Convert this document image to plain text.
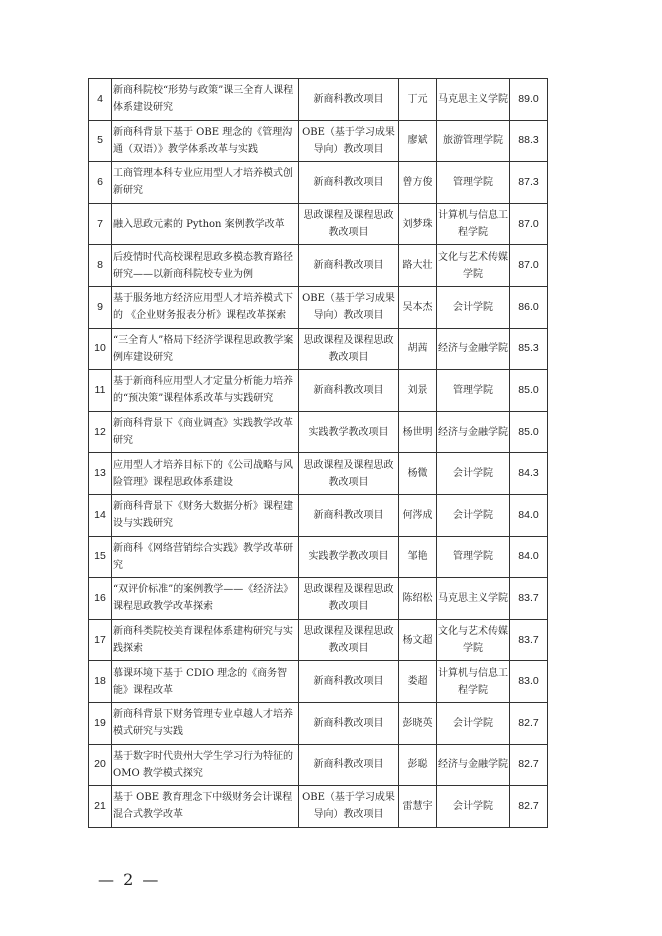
4	新商科院校“形势与政策”课三全育人课程体系建设研究	新商科教改项目	丁元	马克思主义学院	89.0
5	新商科背景下基于 OBE 理念的《管理沟通（双语）》教学体系改革与实践	OBE（基于学习成果导向）教改项目	廖斌	旅游管理学院	88.3
6	工商管理本科专业应用型人才培养模式创新研究	新商科教改项目	曾方俊	管理学院	87.3
7	融入思政元素的 Python 案例教学改革	思政课程及课程思政教改项目	刘梦珠	计算机与信息工程学院	87.0
8	后疫情时代高校课程思政多模态教育路径研究——以新商科院校专业为例	新商科教改项目	路大壮	文化与艺术传媒学院	87.0
9	基于服务地方经济应用型人才培养模式下的 《企业财务报表分析》课程改革探索	OBE（基于学习成果导向）教改项目	吴本杰	会计学院	86.0
10	“三全育人”格局下经济学课程思政教学案例库建设研究	思政课程及课程思政教改项目	胡茜	经济与金融学院	85.3
11	基于新商科应用型人才定量分析能力培养的“预决策”课程体系改革与实践研究	新商科教改项目	刘景	管理学院	85.0
12	新商科背景下《商业调查》实践教学改革研究	实践教学教改项目	杨世明	经济与金融学院	85.0
13	应用型人才培养目标下的《公司战略与风险管理》课程思政体系建设	思政课程及课程思政教改项目	杨微	会计学院	84.3
14	新商科背景下《财务大数据分析》课程建设与实践研究	新商科教改项目	何涔成	会计学院	84.0
15	新商科《网络营销综合实践》教学改革研究	实践教学教改项目	邹艳	管理学院	84.0
16	“双评价标准”的案例教学——《经济法》课程思政教学改革探索	思政课程及课程思政教改项目	陈绍松	马克思主义学院	83.7
17	新商科类院校美育课程体系建构研究与实践探索	思政课程及课程思政教改项目	杨文超	文化与艺术传媒学院	83.7
18	慕课环境下基于 CDIO 理念的《商务智能》课程改革	新商科教改项目	娄超	计算机与信息工程学院	83.0
19	新商科背景下财务管理专业卓越人才培养模式研究与实践	新商科教改项目	彭晓英	会计学院	82.7
20	基于数字时代贵州大学生学习行为特征的OMO 教学模式探究	新商科教改项目	彭聪	经济与金融学院	82.7
21	基于 OBE 教育理念下中级财务会计课程混合式教学改革	OBE（基于学习成果导向）教改项目	雷慧宇	会计学院	82.7
— 2 —
